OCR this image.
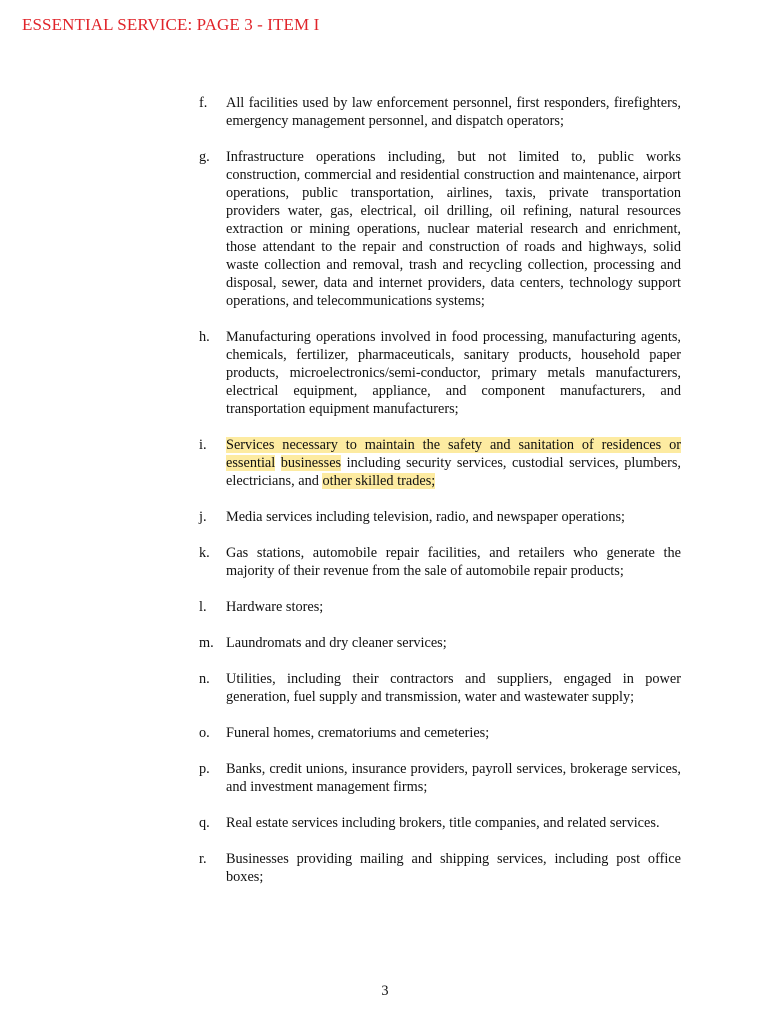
ESSENTIAL SERVICE: PAGE 3 - ITEM I
f.	All facilities used by law enforcement personnel, first responders, firefighters, emergency management personnel, and dispatch operators;
g.	Infrastructure operations including, but not limited to, public works construction, commercial and residential construction and maintenance, airport operations, public transportation, airlines, taxis, private transportation providers water, gas, electrical, oil drilling, oil refining, natural resources extraction or mining operations, nuclear material research and enrichment, those attendant to the repair and construction of roads and highways, solid waste collection and removal, trash and recycling collection, processing and disposal, sewer, data and internet providers, data centers, technology support operations, and telecommunications systems;
h.	Manufacturing operations involved in food processing, manufacturing agents, chemicals, fertilizer, pharmaceuticals, sanitary products, household paper products, microelectronics/semi-conductor, primary metals manufacturers, electrical equipment, appliance, and component manufacturers, and transportation equipment manufacturers;
i.	Services necessary to maintain the safety and sanitation of residences or essential businesses including security services, custodial services, plumbers, electricians, and other skilled trades;
j.	Media services including television, radio, and newspaper operations;
k.	Gas stations, automobile repair facilities, and retailers who generate the majority of their revenue from the sale of automobile repair products;
l.	Hardware stores;
m. Laundromats and dry cleaner services;
n.	Utilities, including their contractors and suppliers, engaged in power generation, fuel supply and transmission, water and wastewater supply;
o.	Funeral homes, crematoriums and cemeteries;
p.	Banks, credit unions, insurance providers, payroll services, brokerage services, and investment management firms;
q.	Real estate services including brokers, title companies, and related services.
r.	Businesses providing mailing and shipping services, including post office boxes;
3
